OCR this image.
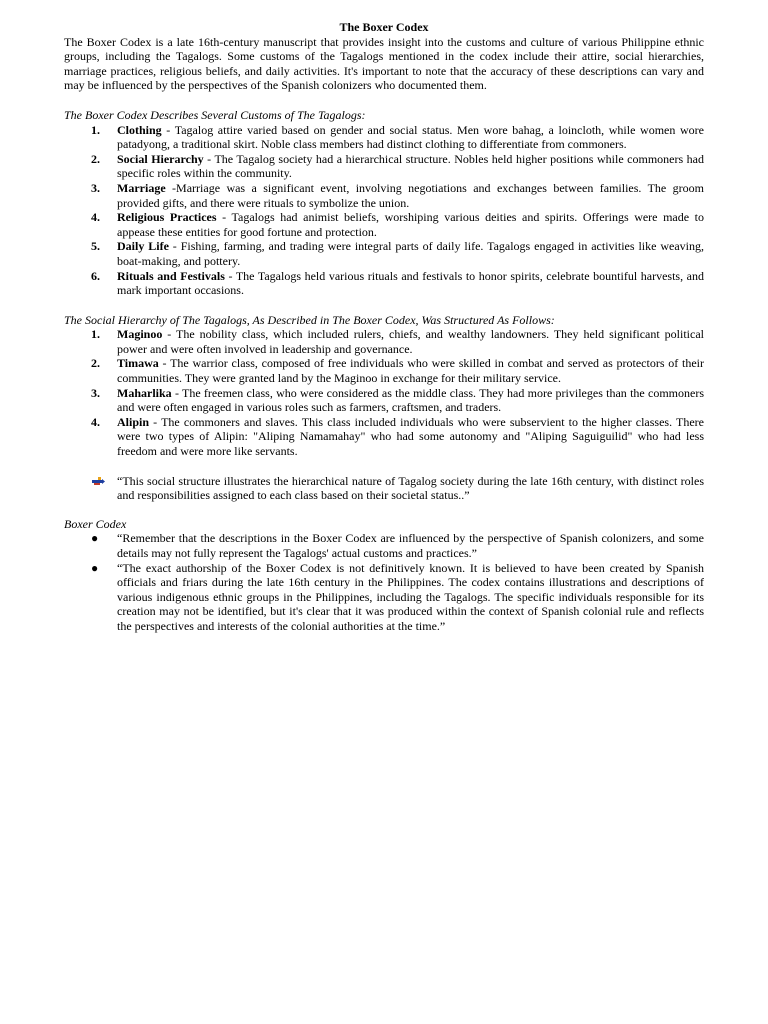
The Boxer Codex

The Boxer Codex is a late 16th-century manuscript that provides insight into the customs and culture of various Philippine ethnic groups, including the Tagalogs. Some customs of the Tagalogs mentioned in the codex include their attire, social hierarchies, marriage practices, religious beliefs, and daily activities. It's important to note that the accuracy of these descriptions can vary and may be influenced by the perspectives of the Spanish colonizers who documented them.

The Boxer Codex Describes Several Customs of The Tagalogs:

1. Clothing - Tagalog attire varied based on gender and social status. Men wore bahag, a loincloth, while women wore patadyong, a traditional skirt. Noble class members had distinct clothing to differentiate from commoners.
2. Social Hierarchy - The Tagalog society had a hierarchical structure. Nobles held higher positions while commoners had specific roles within the community.
3. Marriage -Marriage was a significant event, involving negotiations and exchanges between families. The groom provided gifts, and there were rituals to symbolize the union.
4. Religious Practices - Tagalogs had animist beliefs, worshiping various deities and spirits. Offerings were made to appease these entities for good fortune and protection.
5. Daily Life - Fishing, farming, and trading were integral parts of daily life. Tagalogs engaged in activities like weaving, boat-making, and pottery.
6. Rituals and Festivals - The Tagalogs held various rituals and festivals to honor spirits, celebrate bountiful harvests, and mark important occasions.

The Social Hierarchy of The Tagalogs, As Described in The Boxer Codex, Was Structured As Follows:

1. Maginoo - The nobility class, which included rulers, chiefs, and wealthy landowners. They held significant political power and were often involved in leadership and governance.
2. Timawa - The warrior class, composed of free individuals who were skilled in combat and served as protectors of their communities. They were granted land by the Maginoo in exchange for their military service.
3. Maharlika - The freemen class, who were considered as the middle class. They had more privileges than the commoners and were often engaged in various roles such as farmers, craftsmen, and traders.
4. Alipin - The commoners and slaves. This class included individuals who were subservient to the higher classes. There were two types of Alipin: "Aliping Namamahay" who had some autonomy and "Aliping Saguiguilid" who had less freedom and were more like servants.
“This social structure illustrates the hierarchical nature of Tagalog society during the late 16th century, with distinct roles and responsibilities assigned to each class based on their societal status..”

Boxer Codex

● “Remember that the descriptions in the Boxer Codex are influenced by the perspective of Spanish colonizers, and some details may not fully represent the Tagalogs' actual customs and practices.”
● “The exact authorship of the Boxer Codex is not definitively known. It is believed to have been created by Spanish officials and friars during the late 16th century in the Philippines. The codex contains illustrations and descriptions of various indigenous ethnic groups in the Philippines, including the Tagalogs. The specific individuals responsible for its creation may not be identified, but it's clear that it was produced within the context of Spanish colonial rule and reflects the perspectives and interests of the colonial authorities at the time.”
